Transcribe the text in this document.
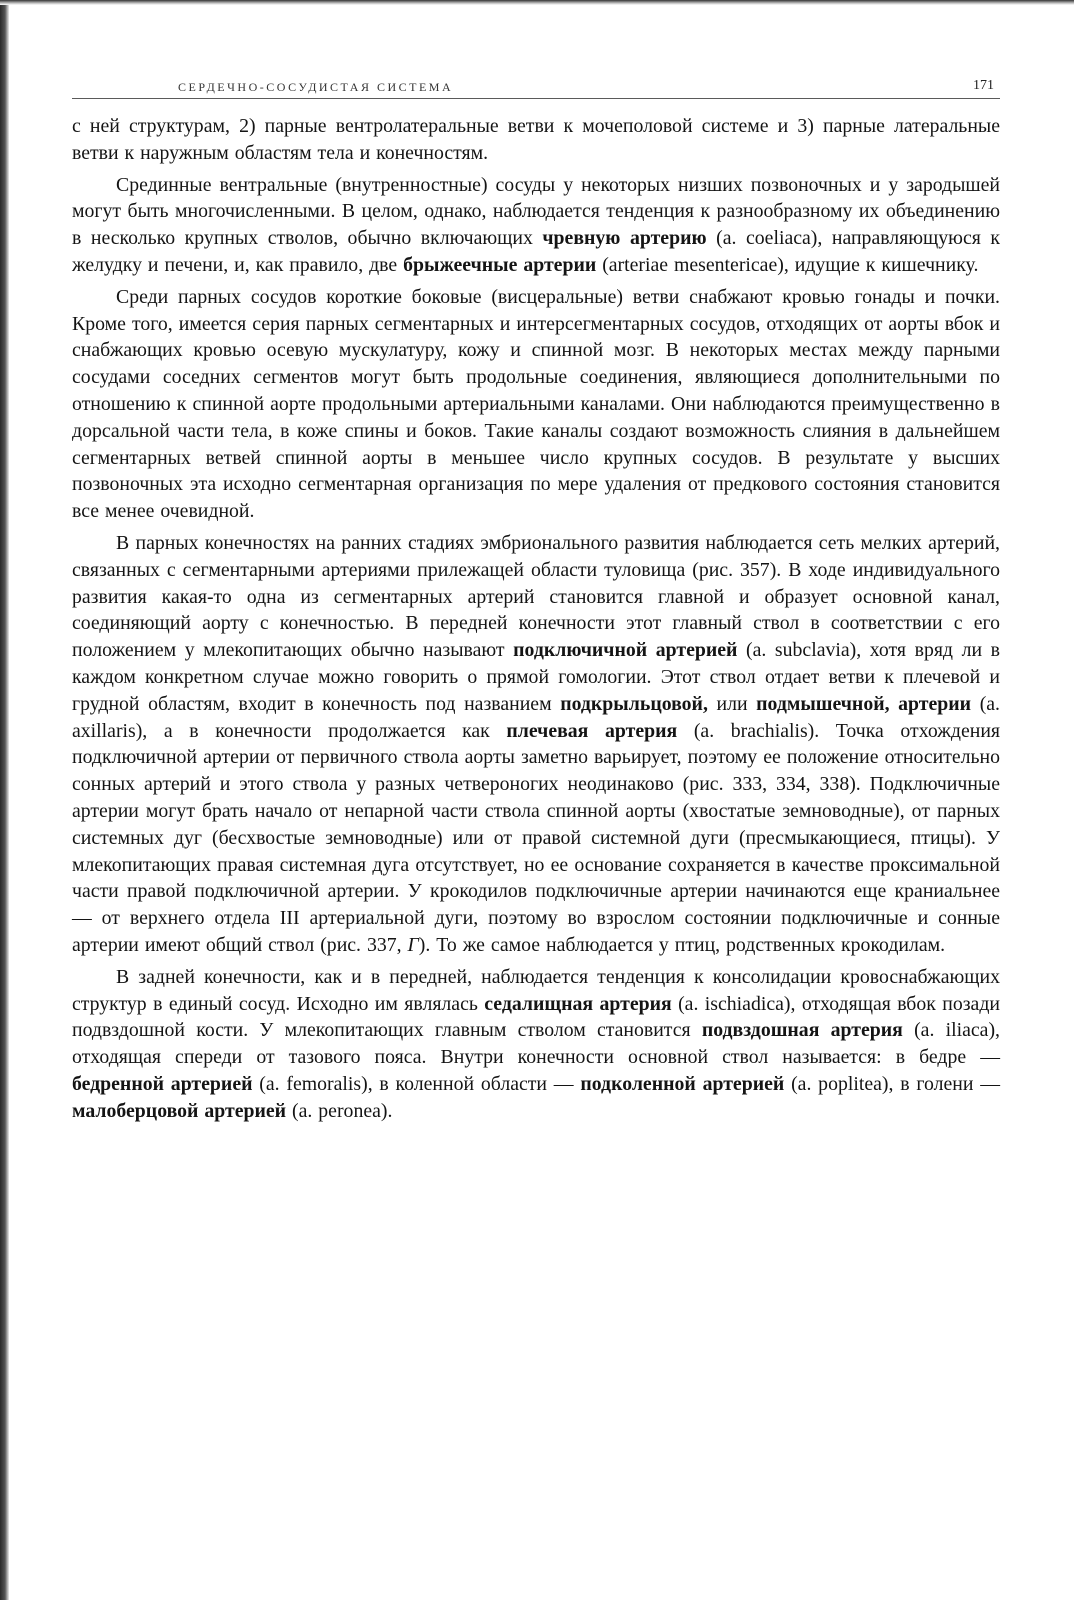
СЕРДЕЧНО-СОСУДИСТАЯ СИСТЕМА	171

с ней структурам, 2) парные вентролатеральные ветви к мочеполовой системе и 3) парные латеральные ветви к наружным областям тела и конечностям.

Срединные вентральные (внутренностные) сосуды у некоторых низших позвоночных и у зародышей могут быть многочисленными. В целом, однако, наблюдается тенденция к разнообразному их объединению в несколько крупных стволов, обычно включающих чревную артерию (a. coeliaca), направляющуюся к желудку и печени, и, как правило, две брыжеечные артерии (arteriae mesentericae), идущие к кишечнику.

Среди парных сосудов короткие боковые (висцеральные) ветви снабжают кровью гонады и почки. Кроме того, имеется серия парных сегментарных и интерсегментарных сосудов, отходящих от аорты вбок и снабжающих кровью осевую мускулатуру, кожу и спинной мозг. В некоторых местах между парными сосудами соседних сегментов могут быть продольные соединения, являющиеся дополнительными по отношению к спинной аорте продольными артериальными каналами. Они наблюдаются преимущественно в дорсальной части тела, в коже спины и боков. Такие каналы создают возможность слияния в дальнейшем сегментарных ветвей спинной аорты в меньшее число крупных сосудов. В результате у высших позвоночных эта исходно сегментарная организация по мере удаления от предкового состояния становится все менее очевидной.

В парных конечностях на ранних стадиях эмбрионального развития наблюдается сеть мелких артерий, связанных с сегментарными артериями прилежащей области туловища (рис. 357). В ходе индивидуального развития какая-то одна из сегментарных артерий становится главной и образует основной канал, соединяющий аорту с конечностью. В передней конечности этот главный ствол в соответствии с его положением у млекопитающих обычно называют подключичной артерией (a. subclavia), хотя вряд ли в каждом конкретном случае можно говорить о прямой гомологии. Этот ствол отдает ветви к плечевой и грудной областям, входит в конечность под названием подкрыльцовой, или подмышечной, артерии (a. axillaris), а в конечности продолжается как плечевая артерия (a. brachialis). Точка отхождения подключичной артерии от первичного ствола аорты заметно варьирует, поэтому ее положение относительно сонных артерий и этого ствола у разных четвероногих неодинаково (рис. 333, 334, 338). Подключичные артерии могут брать начало от непарной части ствола спинной аорты (хвостатые земноводные), от парных системных дуг (бесхвостые земноводные) или от правой системной дуги (пресмыкающиеся, птицы). У млекопитающих правая системная дуга отсутствует, но ее основание сохраняется в качестве проксимальной части правой подключичной артерии. У крокодилов подключичные артерии начинаются еще краниальнее — от верхнего отдела III артериальной дуги, поэтому во взрослом состоянии подключичные и сонные артерии имеют общий ствол (рис. 337, Г). То же самое наблюдается у птиц, родственных крокодилам.

В задней конечности, как и в передней, наблюдается тенденция к консолидации кровоснабжающих структур в единый сосуд. Исходно им являлась седалищная артерия (a. ischiadica), отходящая вбок позади подвздошной кости. У млекопитающих главным стволом становится подвздошная артерия (a. iliaca), отходящая спереди от тазового пояса. Внутри конечности основной ствол называется: в бедре — бедренной артерией (a. femoralis), в коленной области — подколенной артерией (a. poplitea), в голени — малоберцовой артерией (a. peronea).
